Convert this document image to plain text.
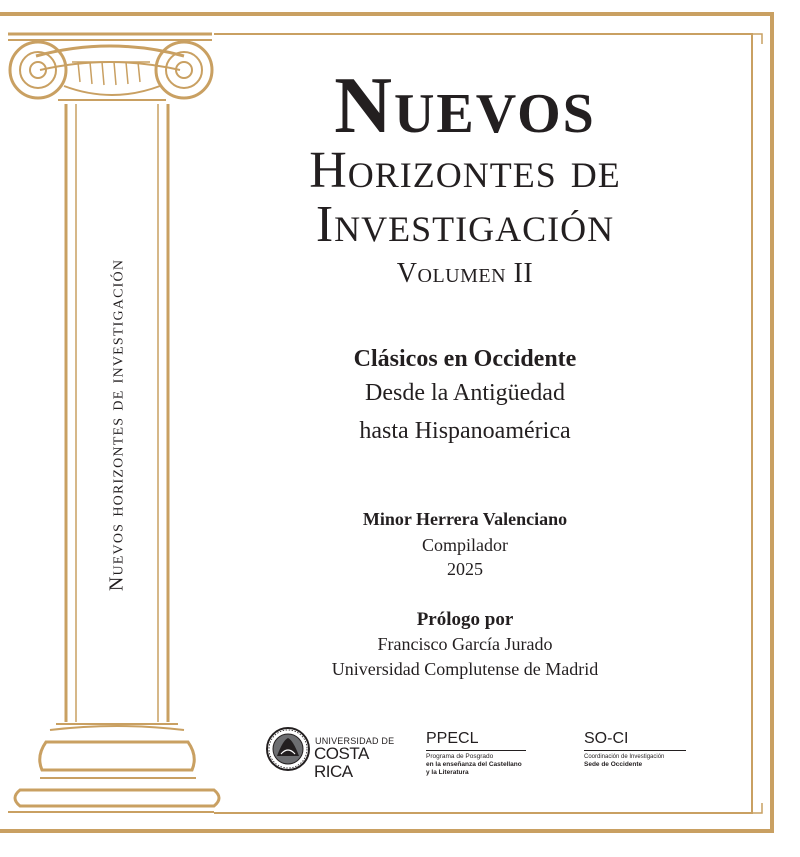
Nuevos horizontes de investigación
Nuevos
Horizontes de
Investigación
Volumen II
Clásicos en Occidente
Desde la Antigüedad
hasta Hispanoamérica
Minor Herrera Valenciano
Compilador
2025
Prólogo por
Francisco García Jurado
Universidad Complutense de Madrid
UNIVERSIDAD DE
COSTA RICA
PPECL
Programa de Posgrado
en la enseñanza del Castellano
y la Literatura
SO-CI
Coordinación de Investigación
Sede de Occidente
